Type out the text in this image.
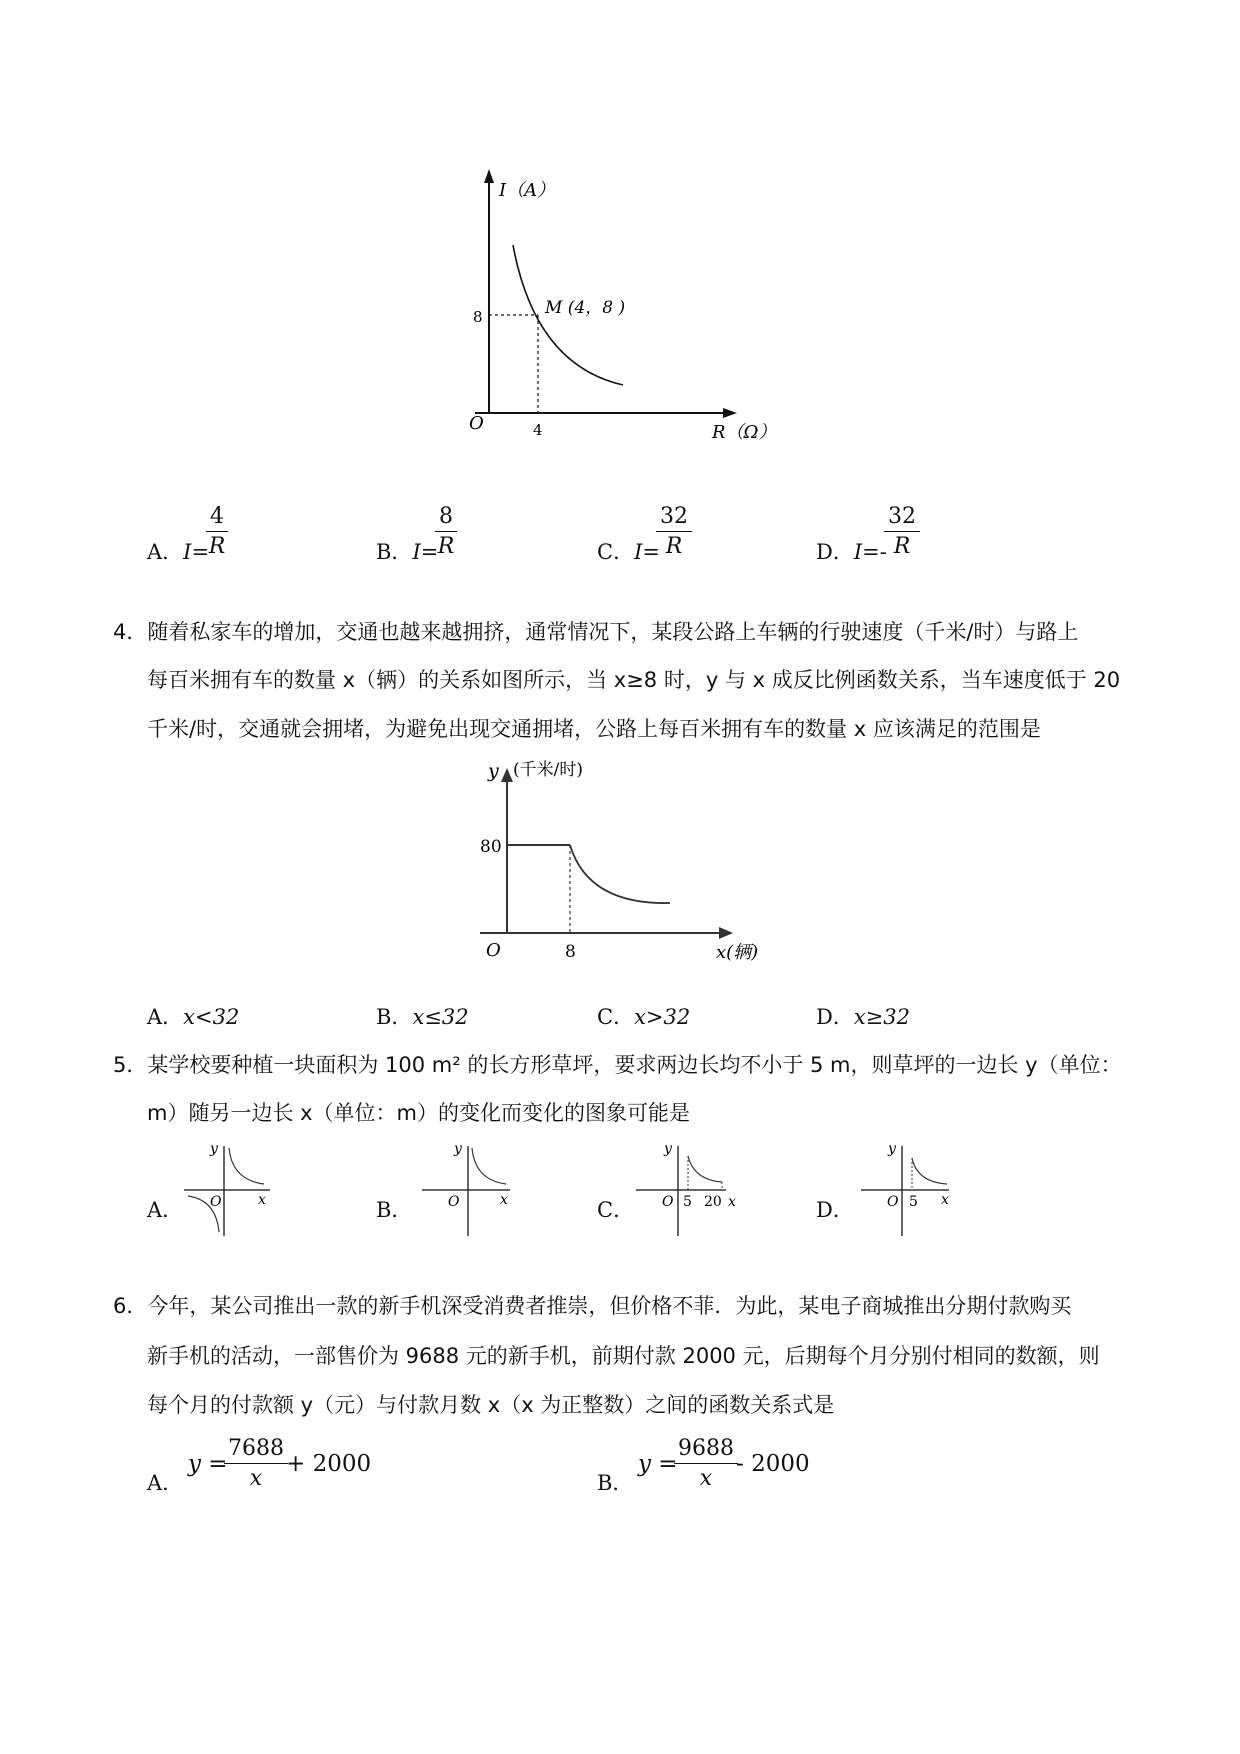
I（A）
R（Ω）
O
8
4
M (4，8 )
A．I=
$\frac{4}{R}$	B．I=
$\frac{8}{R}$	C．I=
$\frac{32}{R}$	D．I=-
$\frac{32}{R}$
4．随着私家车的增加，交通也越来越拥挤，通常情况下，某段公路上车辆的行驶速度（千米/时）与路上
每百米拥有车的数量 x（辆）的关系如图所示，当 x≥8 时，y 与 x 成反比例函数关系，当车速度低于 20
千米/时，交通就会拥堵，为避免出现交通拥堵，公路上每百米拥有车的数量 x 应该满足的范围是
y (千米/时)
80
O	8	x(辆)
A．x<32	B．x≤32	C．x>32	D．x≥32
5．某学校要种植一块面积为 100 m² 的长方形草坪，要求两边长均不小于 5 m，则草坪的一边长 y（单位：
m）随另一边长 x（单位：m）的变化而变化的图象可能是
A．
y
O	x	B．
y
O	x	C．
y
O 5 20 x	D．
y
O 5 x
6．今年，某公司推出一款的新手机深受消费者推崇，但价格不菲．为此，某电子商城推出分期付款购买
新手机的活动，一部售价为 9688 元的新手机，前期付款 2000 元，后期每个月分别付相同的数额，则
每个月的付款额 y（元）与付款月数 x（x 为正整数）之间的函数关系式是
A．
y =
$\frac{7688}{x}$
+ 2000
B．
y =
$\frac{9688}{x}$
- 2000
